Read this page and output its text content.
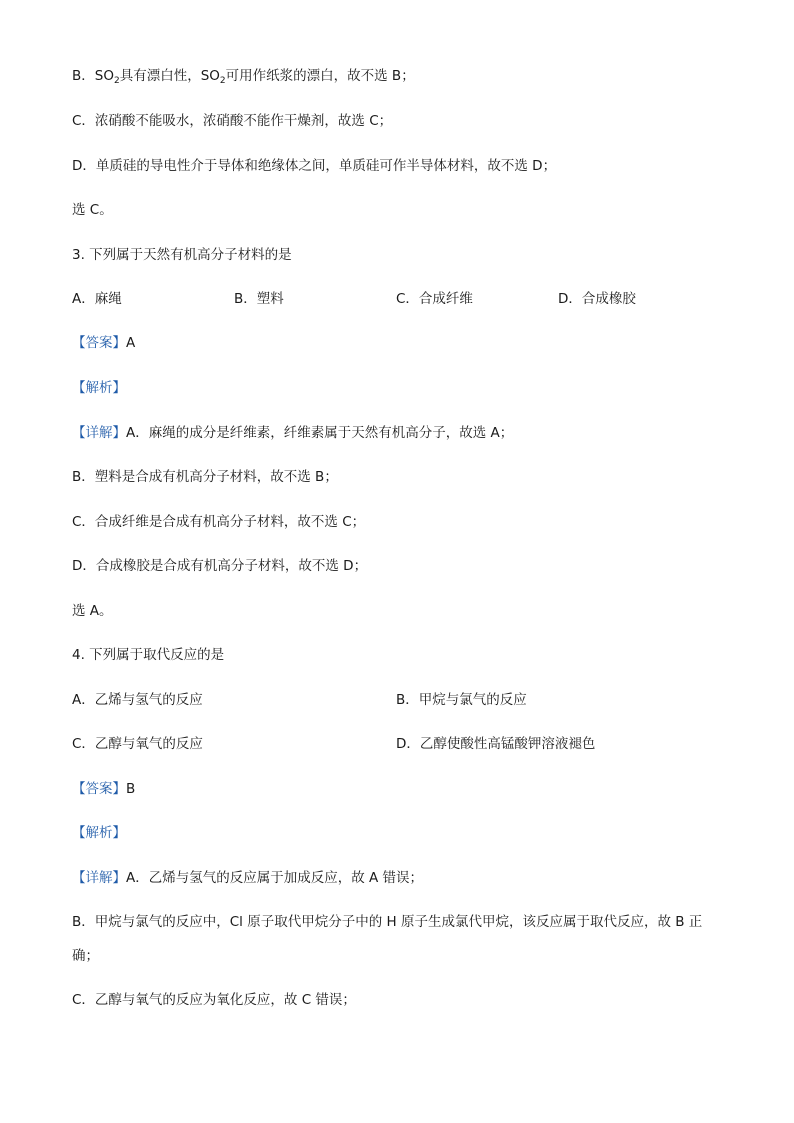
B．$SO_2$具有漂白性，$SO_2$可用作纸浆的漂白，故不选 B；
C．浓硝酸不能吸水，浓硝酸不能作干燥剂，故选 C；
D．单质硅的导电性介于导体和绝缘体之间，单质硅可作半导体材料，故不选 D；
选 C。
3. 下列属于天然有机高分子材料的是
A．麻绳	B．塑料	C．合成纤维	D．合成橡胶
【答案】A
【解析】
【详解】A．麻绳的成分是纤维素，纤维素属于天然有机高分子，故选 A；
B．塑料是合成有机高分子材料，故不选 B；
C．合成纤维是合成有机高分子材料，故不选 C；
D．合成橡胶是合成有机高分子材料，故不选 D；
选 A。
4. 下列属于取代反应的是
A．乙烯与氢气的反应	B．甲烷与氯气的反应
C．乙醇与氧气的反应	D．乙醇使酸性高锰酸钾溶液褪色
【答案】B
【解析】
【详解】A．乙烯与氢气的反应属于加成反应，故 A 错误；
B．甲烷与氯气的反应中，Cl 原子取代甲烷分子中的 H 原子生成氯代甲烷，该反应属于取代反应，故 B 正
确；
C．乙醇与氧气的反应为氧化反应，故 C 错误；
